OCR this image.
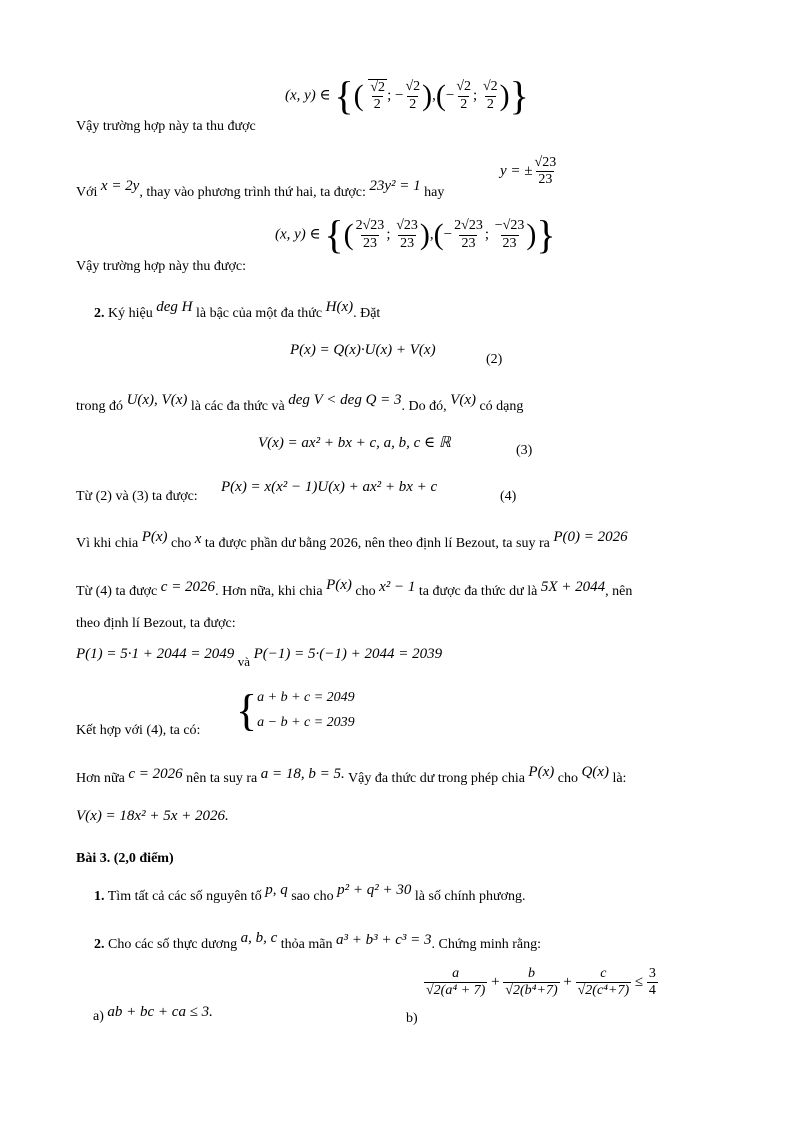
Vậy trường hợp này ta thu được
(x, y) ∈ {( $\frac{√2}{2}$ ; − $\frac{√2}{2}$ ),(− $\frac{√2}{2}$ ; $\frac{√2}{2}$ )}
Với x = 2y, thay vào phương trình thứ hai, ta được: 23y² = 1 hay
y = ± $\frac{√23}{23}$
Vậy trường hợp này thu được:
(x, y) ∈ {( $\frac{2√23}{23}$ ; $\frac{√23}{23}$ ),(− $\frac{2√23}{23}$ ; $\frac{-√23}{23}$ )}
2. Ký hiệu deg H là bậc của một đa thức H(x). Đặt
P(x) = Q(x)·U(x) + V(x)
(2)
trong đó U(x), V(x) là các đa thức và deg V < deg Q = 3. Do đó, V(x) có dạng
V(x) = ax² + bx + c, a, b, c ∈ ℝ	(3)
Từ (2) và (3) ta được:
P(x) = x(x² − 1)U(x) + ax² + bx + c
(4)
Vì khi chia P(x) cho x ta được phần dư bằng 2026, nên theo định lí Bezout, ta suy ra P(0) = 2026
Từ (4) ta được c = 2026. Hơn nữa, khi chia P(x) cho x² − 1 ta được đa thức dư là 5X + 2044, nên
theo định lí Bezout, ta được:
P(1) = 5·1 + 2044 = 2049 và P(−1) = 5·(−1) + 2044 = 2039
Kết hợp với (4), ta có: { a + b + c = 2049
a − b + c = 2039
Hơn nữa c = 2026 nên ta suy ra a = 18, b = 5. Vậy đa thức dư trong phép chia P(x) cho Q(x) là:
V(x) = 18x² + 5x + 2026.
Bài 3. (2,0 điểm)
1. Tìm tất cả các số nguyên tố p, q sao cho p² + q² + 30 là số chính phương.
2. Cho các số thực dương a, b, c thỏa mãn a³ + b³ + c³ = 3. Chứng minh rằng:
a) ab + bc + ca ≤ 3.	b)
$\frac{a}{\text{√2(a⁴ + 7)}} + \frac{b}{\text{√2(b⁴+7)}} + \frac{c}{\text{√2(c⁴+7)}} \le \frac{3}{4}$
